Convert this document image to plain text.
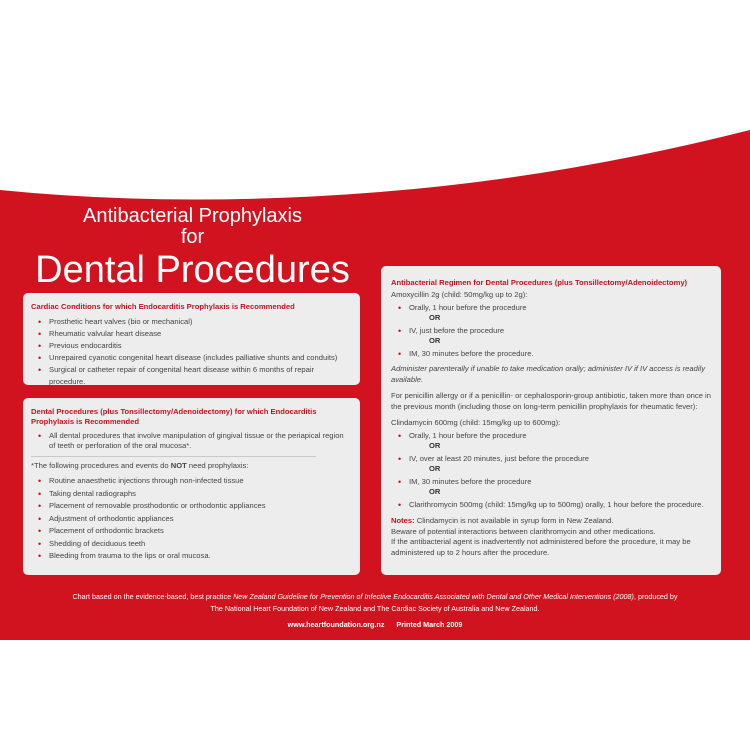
Antibacterial Prophylaxis
for
Dental Procedures
Cardiac Conditions for which Endocarditis Prophylaxis is Recommended
• Prosthetic heart valves (bio or mechanical)
• Rheumatic valvular heart disease
• Previous endocarditis
• Unrepaired cyanotic congenital heart disease (includes palliative shunts and conduits)
• Surgical or catheter repair of congenital heart disease within 6 months of repair procedure.
Dental Procedures (plus Tonsillectomy/Adenoidectomy) for which Endocarditis Prophylaxis is Recommended
• All dental procedures that involve manipulation of gingival tissue or the periapical region of teeth or perforation of the oral mucosa*.
*The following procedures and events do NOT need prophylaxis:
• Routine anaesthetic injections through non-infected tissue
• Taking dental radiographs
• Placement of removable prosthodontic or orthodontic appliances
• Adjustment of orthodontic appliances
• Placement of orthodontic brackets
• Shedding of deciduous teeth
• Bleeding from trauma to the lips or oral mucosa.
Antibacterial Regimen for Dental Procedures (plus Tonsillectomy/Adenoidectomy)
Amoxycillin 2g (child: 50mg/kg up to 2g):
• Orally, 1 hour before the procedure
OR
• IV, just before the procedure
OR
• IM, 30 minutes before the procedure.
Administer parenterally if unable to take medication orally; administer IV if IV access is readily available.
For penicillin allergy or if a penicillin- or cephalosporin-group antibiotic, taken more than once in the previous month (including those on long-term penicillin prophylaxis for rheumatic fever):
Clindamycin 600mg (child: 15mg/kg up to 600mg):
• Orally, 1 hour before the procedure
OR
• IV, over at least 20 minutes, just before the procedure
OR
• IM, 30 minutes before the procedure
OR
• Clarithromycin 500mg (child: 15mg/kg up to 500mg) orally, 1 hour before the procedure.
Notes: Clindamycin is not available in syrup form in New Zealand.
Beware of potential interactions between clarithromycin and other medications.
If the antibacterial agent is inadvertently not administered before the procedure, it may be administered up to 2 hours after the procedure.
Chart based on the evidence-based, best practice New Zealand Guideline for Prevention of Infective Endocarditis Associated with Dental and Other Medical Interventions (2008), produced by
The National Heart Foundation of New Zealand and The Cardiac Society of Australia and New Zealand.
www.heartfoundation.org.nz Printed March 2009
